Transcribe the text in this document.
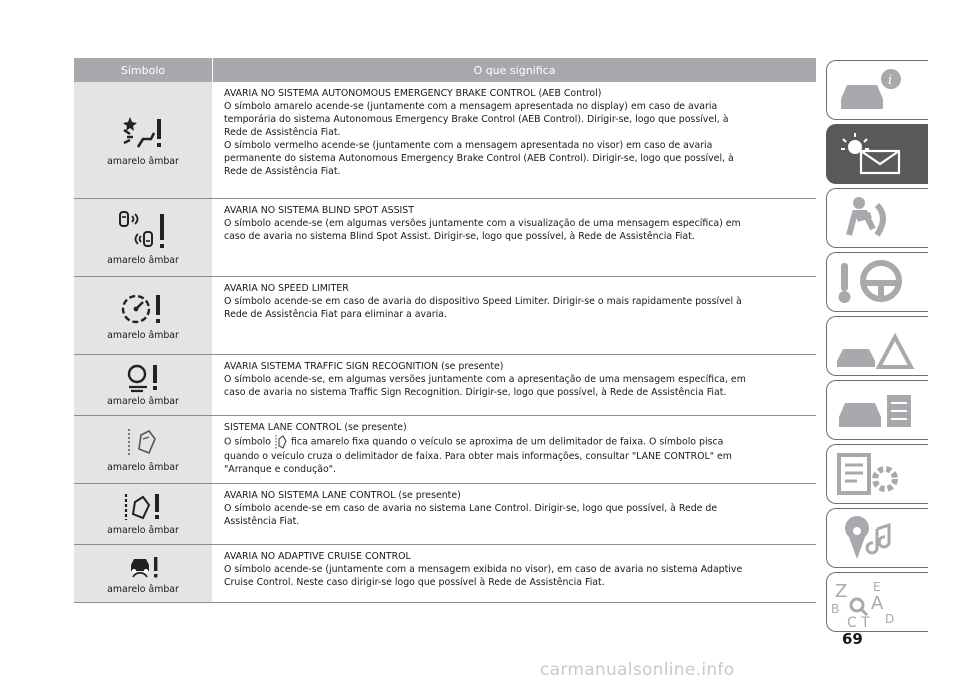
Símbolo	O que significa
amarelo âmbar

AVARIA NO SISTEMA AUTONOMOUS EMERGENCY BRAKE CONTROL (AEB Control)

O símbolo amarelo acende-se (juntamente com a mensagem apresentada no display) em caso de avaria

temporária do sistema Autonomous Emergency Brake Control (AEB Control). Dirigir-se, logo que possível, à

Rede de Assistência Fiat.

O símbolo vermelho acende-se (juntamente com a mensagem apresentada no visor) em caso de avaria

permanente do sistema Autonomous Emergency Brake Control (AEB Control). Dirigir-se, logo que possível, à

Rede de Assistência Fiat.

amarelo âmbar

AVARIA NO SISTEMA BLIND SPOT ASSIST

O símbolo acende-se (em algumas versões juntamente com a visualização de uma mensagem específica) em

caso de avaria no sistema Blind Spot Assist. Dirigir-se, logo que possível, à Rede de Assistência Fiat.

amarelo âmbar

AVARIA NO SPEED LIMITER

O símbolo acende-se em caso de avaria do dispositivo Speed Limiter. Dirigir-se o mais rapidamente possível à

Rede de Assistência Fiat para eliminar a avaria.

amarelo âmbar

AVARIA SISTEMA TRAFFIC SIGN RECOGNITION (se presente)

O símbolo acende-se, em algumas versões juntamente com a apresentação de uma mensagem específica, em

caso de avaria no sistema Traffic Sign Recognition. Dirigir-se, logo que possível, à Rede de Assistência Fiat.

amarelo âmbar

SISTEMA LANE CONTROL (se presente)

O símbolo fica amarelo fixa quando o veículo se aproxima de um delimitador de faixa. O símbolo pisca

quando o veículo cruza o delimitador de faixa. Para obter mais informações, consultar "LANE CONTROL" em

"Arranque e condução".

amarelo âmbar

AVARIA NO SISTEMA LANE CONTROL (se presente)

O símbolo acende-se em caso de avaria no sistema Lane Control. Dirigir-se, logo que possível, à Rede de

Assistência Fiat.

amarelo âmbar

AVARIA NO ADAPTIVE CRUISE CONTROL

O símbolo acende-se (juntamente com a mensagem exibida no visor), em caso de avaria no sistema Adaptive

Cruise Control. Neste caso dirigir-se logo que possível à Rede de Assistência Fiat.

i
Z E
A
B
C T D
69
carmanualsonline.info
